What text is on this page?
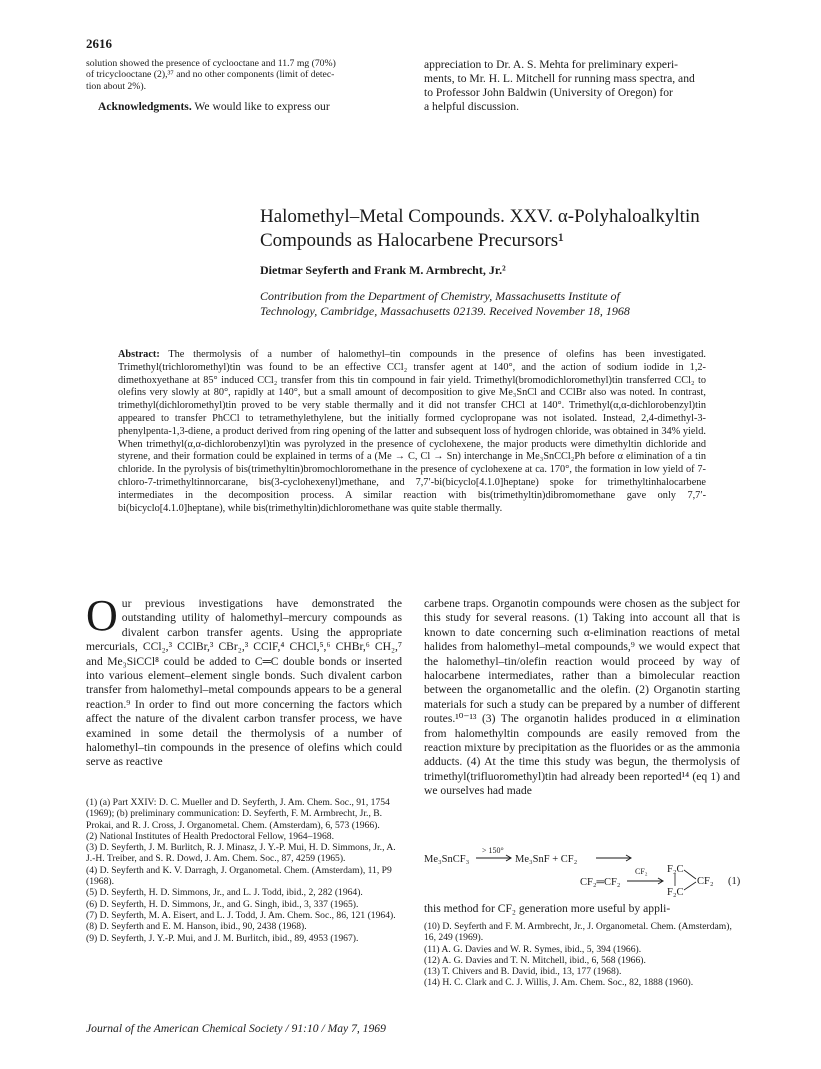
2616
solution showed the presence of cyclooctane and 11.7 mg (70%)
of tricyclooctane (2),³⁷ and no other components (limit of detec-
tion about 2%).
Acknowledgments. We would like to express our
appreciation to Dr. A. S. Mehta for preliminary experi-
ments, to Mr. H. L. Mitchell for running mass spectra, and
to Professor John Baldwin (University of Oregon) for
a helpful discussion.
Halomethyl–Metal Compounds. XXV. α-Polyhaloalkyltin
Compounds as Halocarbene Precursors¹
Dietmar Seyferth and Frank M. Armbrecht, Jr.²
Contribution from the Department of Chemistry, Massachusetts Institute of
Technology, Cambridge, Massachusetts 02139. Received November 18, 1968
Abstract: The thermolysis of a number of halomethyl–tin compounds in the presence of olefins has been investigated. Trimethyl(trichloromethyl)tin was found to be an effective CCl₂ transfer agent at 140°, and the action of sodium iodide in 1,2-dimethoxyethane at 85° induced CCl₂ transfer from this tin compound in fair yield. Trimethyl(bromodichloromethyl)tin transferred CCl₂ to olefins very slowly at 80°, rapidly at 140°, but a small amount of decomposition to give Me₃SnCl and CClBr also was noted. In contrast, trimethyl(dichloromethyl)tin proved to be very stable thermally and it did not transfer CHCl at 140°. Trimethyl(α,α-dichlorobenzyl)tin appeared to transfer PhCCl to tetramethylethylene, but the initially formed cyclopropane was not isolated. Instead, 2,4-dimethyl-3-phenylpenta-1,3-diene, a product derived from ring opening of the latter and subsequent loss of hydrogen chloride, was obtained in 34% yield. When trimethyl(α,α-dichlorobenzyl)tin was pyrolyzed in the presence of cyclohexene, the major products were dimethyltin dichloride and styrene, and their formation could be explained in terms of a (Me → C, Cl → Sn) interchange in Me₃SnCCl₂Ph before α elimination of a tin chloride. In the pyrolysis of bis(trimethyltin)bromochloromethane in the presence of cyclohexene at ca. 170°, the formation in low yield of 7-chloro-7-trimethyltinnorcarane, bis(3-cyclohexenyl)methane, and 7,7′-bi(bicyclo[4.1.0]heptane) spoke for trimethyltinhalocarbene intermediates in the decomposition process. A similar reaction with bis(trimethyltin)dibromomethane gave only 7,7′-bi(bicyclo[4.1.0]heptane), while bis(trimethyltin)dichloromethane was quite stable thermally.
Our previous investigations have demonstrated the outstanding utility of halomethyl–mercury compounds as divalent carbon transfer agents. Using the appropriate mercurials, CCl₂,³ CClBr,³ CBr₂,³ CClF,⁴ CHCl,⁵,⁶ CHBr,⁶ CH₂,⁷ and Me₃SiCCl⁸ could be added to C═C double bonds or inserted into various element–element single bonds. Such divalent carbon transfer from halomethyl–metal compounds appears to be a general reaction.⁹ In order to find out more concerning the factors which affect the nature of the divalent carbon transfer process, we have examined in some detail the thermolysis of a number of halomethyl–tin compounds in the presence of olefins which could serve as reactive
(1) (a) Part XXIV: D. C. Mueller and D. Seyferth, J. Am. Chem. Soc., 91, 1754 (1969); (b) preliminary communication: D. Seyferth, F. M. Armbrecht, Jr., B. Prokai, and R. J. Cross, J. Organometal. Chem. (Amsterdam), 6, 573 (1966).
(2) National Institutes of Health Predoctoral Fellow, 1964–1968.
(3) D. Seyferth, J. M. Burlitch, R. J. Minasz, J. Y.-P. Mui, H. D. Simmons, Jr., A. J.-H. Treiber, and S. R. Dowd, J. Am. Chem. Soc., 87, 4259 (1965).
(4) D. Seyferth and K. V. Darragh, J. Organometal. Chem. (Amsterdam), 11, P9 (1968).
(5) D. Seyferth, H. D. Simmons, Jr., and L. J. Todd, ibid., 2, 282 (1964).
(6) D. Seyferth, H. D. Simmons, Jr., and G. Singh, ibid., 3, 337 (1965).
(7) D. Seyferth, M. A. Eisert, and L. J. Todd, J. Am. Chem. Soc., 86, 121 (1964).
(8) D. Seyferth and E. M. Hanson, ibid., 90, 2438 (1968).
(9) D. Seyferth, J. Y.-P. Mui, and J. M. Burlitch, ibid., 89, 4953 (1967).
carbene traps. Organotin compounds were chosen as the subject for this study for several reasons. (1) Taking into account all that is known to date concerning such α-elimination reactions of metal halides from halomethyl–metal compounds,⁹ we would expect that the halomethyl–tin/olefin reaction would proceed by way of halocarbene intermediates, rather than a bimolecular reaction between the organometallic and the olefin. (2) Organotin starting materials for such a study can be prepared by a number of different routes.¹⁰⁻¹³ (3) The organotin halides produced in α elimination from halomethyltin compounds are easily removed from the reaction mixture by precipitation as the fluorides or as the ammonia adducts. (4) At the time this study was begun, the thermolysis of trimethyl(trifluoromethyl)tin had already been reported¹⁴ (eq 1) and we ourselves had made
Me₃SnCF₃
> 150°
Me₃SnF + CF₂
CF₂═CF₂
CF₂ F₂C
F₂C
CF₂ (1)
this method for CF₂ generation more useful by appli-
(10) D. Seyferth and F. M. Armbrecht, Jr., J. Organometal. Chem. (Amsterdam), 16, 249 (1969).
(11) A. G. Davies and W. R. Symes, ibid., 5, 394 (1966).
(12) A. G. Davies and T. N. Mitchell, ibid., 6, 568 (1966).
(13) T. Chivers and B. David, ibid., 13, 177 (1968).
(14) H. C. Clark and C. J. Willis, J. Am. Chem. Soc., 82, 1888 (1960).
Journal of the American Chemical Society / 91:10 / May 7, 1969
